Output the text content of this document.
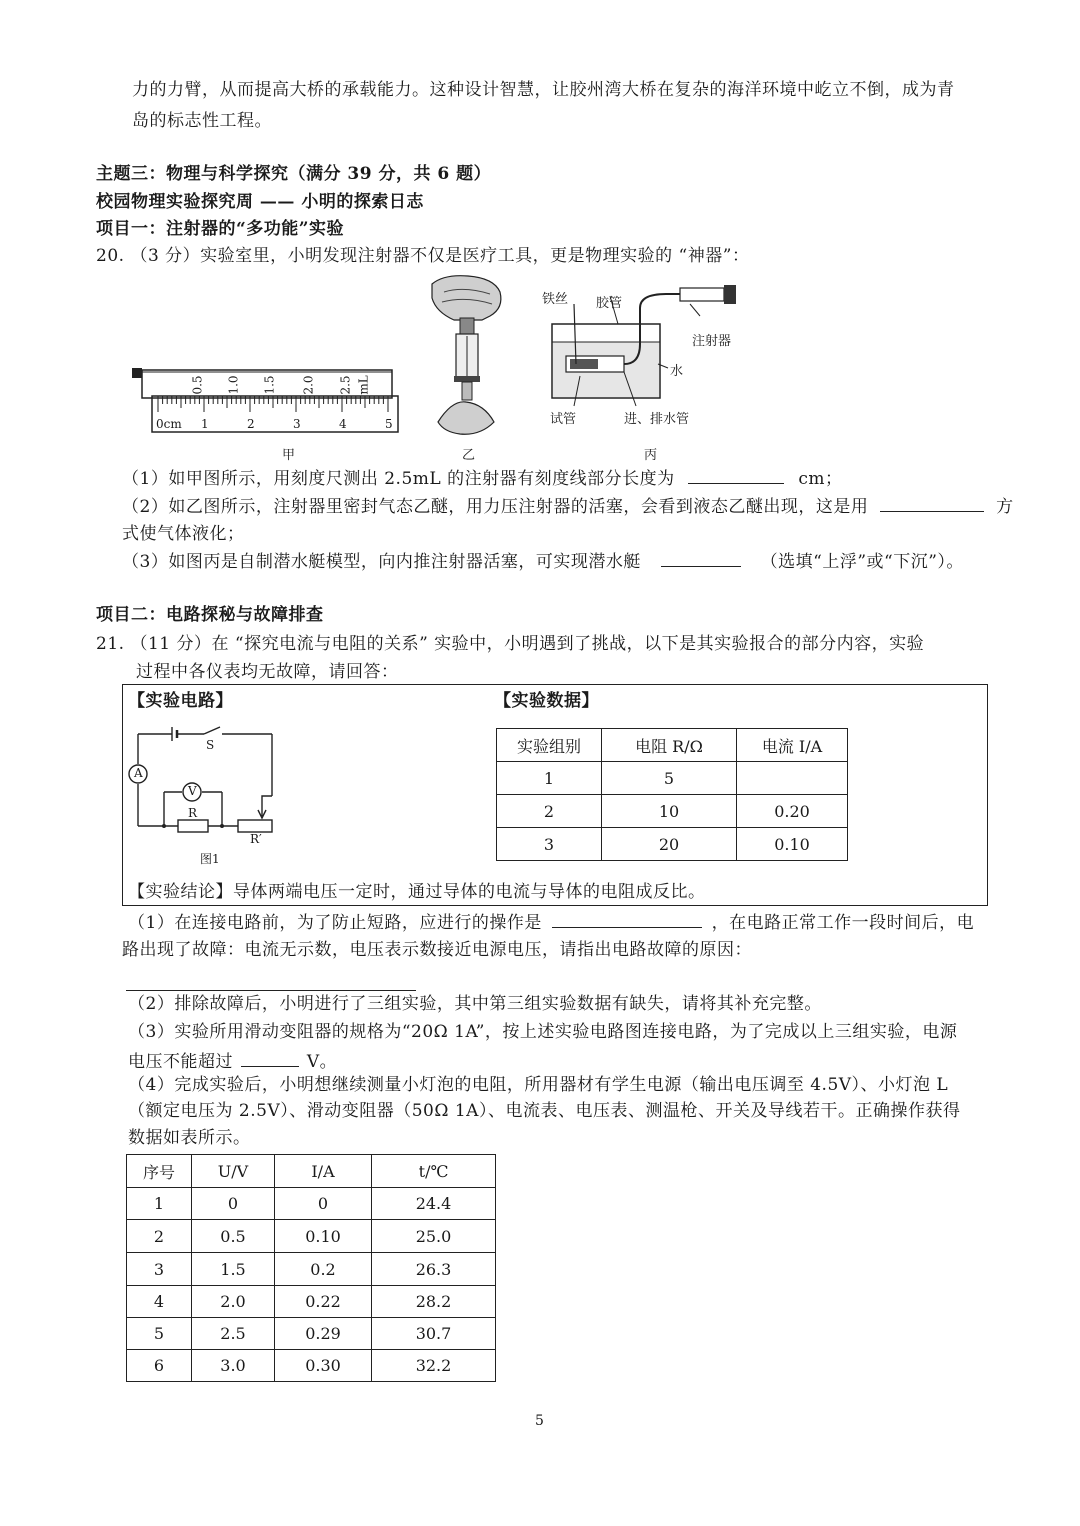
力的力臂，从而提高大桥的承载能力。这种设计智慧，让胶州湾大桥在复杂的海洋环境中屹立不倒，成为青
岛的标志性工程。
主题三：物理与科学探究（满分 39 分，共 6 题）
校园物理实验探究周 —— 小明的探索日志
项目一：注射器的“多功能”实验
20. （3 分）实验室里，小明发现注射器不仅是医疗工具，更是物理实验的 “神器”：
0.5 1.0 1.5 2.0 2.5 mL
0cm 1	2	3	4	5
甲	乙
铁丝 胶管
注射器
水
试管	进、排水管
丙
（1）如甲图所示，用刻度尺测出 2.5mL 的注射器有刻度线部分长度为	cm；
（2）如乙图所示，注射器里密封气态乙醚，用力压注射器的活塞，会看到液态乙醚出现，这是用	方
式使气体液化；
（3）如图丙是自制潜水艇模型，向内推注射器活塞，可实现潜水艇	（选填“上浮”或“下沉”）。
项目二：电路探秘与故障排查
21. （11 分）在 “探究电流与电阻的关系” 实验中，小明遇到了挑战，以下是其实验报合的部分内容，实验
过程中各仪表均无故障，请回答：
【实验电路】	【实验数据】
S
A
V
R
R′
图1
实验组别	电阻 R/Ω	电流 I/A
1	5	
2	10	0.20
3	20	0.10
【实验结论】导体两端电压一定时，通过导体的电流与导体的电阻成反比。
（1）在连接电路前，为了防止短路，应进行的操作是	，在电路正常工作一段时间后，电
路出现了故障：电流无示数，电压表示数接近电源电压，请指出电路故障的原因：
（2）排除故障后，小明进行了三组实验，其中第三组实验数据有缺失，请将其补充完整。
（3）实验所用滑动变阻器的规格为“20Ω 1A”，按上述实验电路图连接电路，为了完成以上三组实验，电源
电压不能超过	V。
（4）完成实验后，小明想继续测量小灯泡的电阻，所用器材有学生电源（输出电压调至 4.5V）、小灯泡 L
（额定电压为 2.5V）、滑动变阻器（50Ω 1A）、电流表、电压表、测温枪、开关及导线若干。正确操作获得
数据如表所示。
序号	U/V	I/A	t/℃
1	0	0	24.4
2	0.5	0.10	25.0
3	1.5	0.2	26.3
4	2.0	0.22	28.2
5	2.5	0.29	30.7
6	3.0	0.30	32.2
5
